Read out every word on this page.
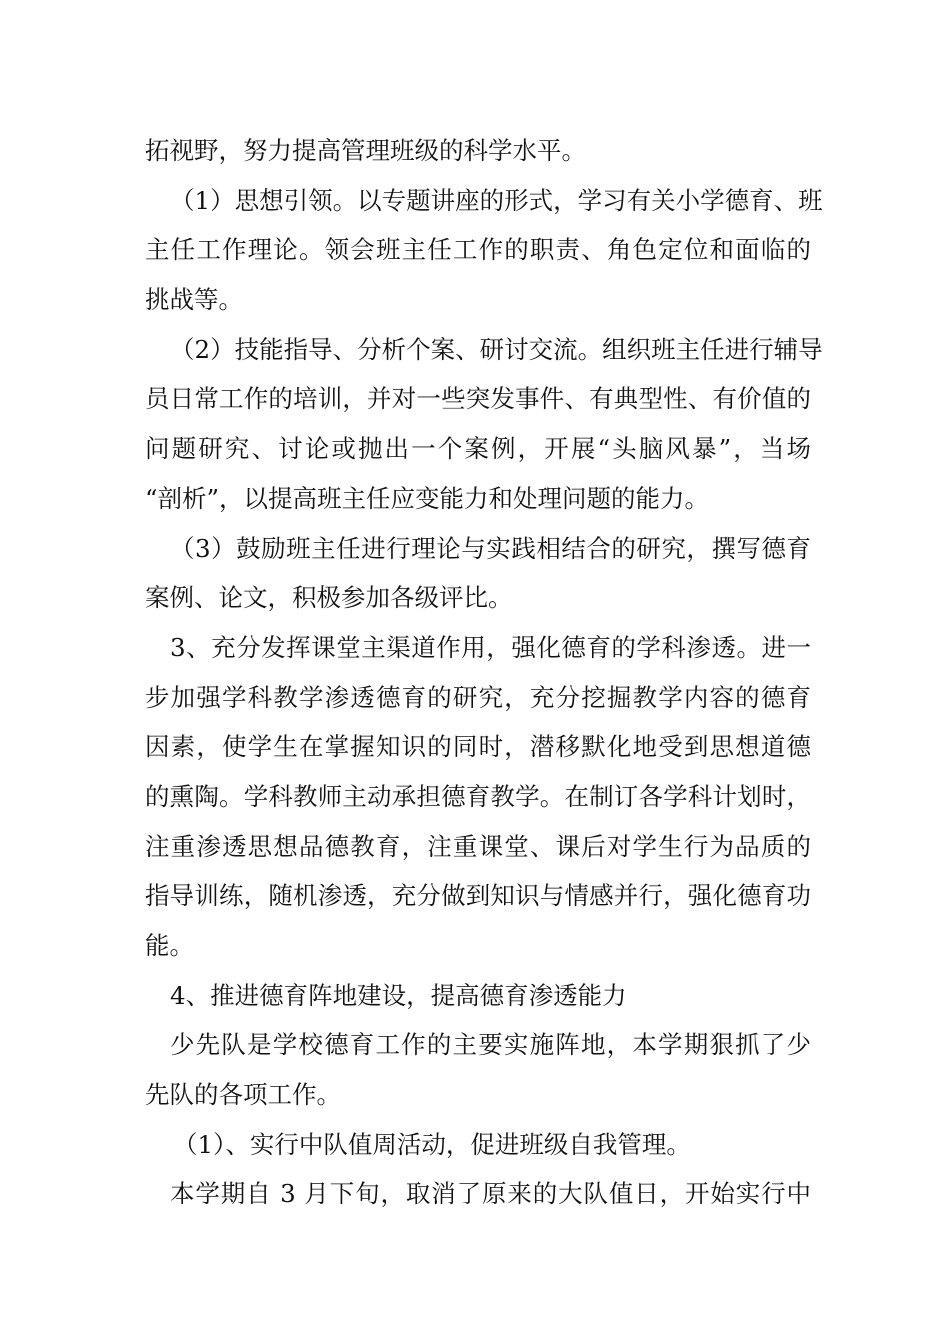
拓视野，努力提高管理班级的科学水平。
（1）思想引领。以专题讲座的形式，学习有关小学德育、班
主任工作理论。领会班主任工作的职责、角色定位和面临的
挑战等。
（2）技能指导、分析个案、研讨交流。组织班主任进行辅导
员日常工作的培训，并对一些突发事件、有典型性、有价值的
问题研究、讨论或抛出一个案例，开展“头脑风暴”，当场
“剖析”，以提高班主任应变能力和处理问题的能力。
（3）鼓励班主任进行理论与实践相结合的研究，撰写德育
案例、论文，积极参加各级评比。
3、充分发挥课堂主渠道作用，强化德育的学科渗透。进一
步加强学科教学渗透德育的研究，充分挖掘教学内容的德育
因素，使学生在掌握知识的同时，潜移默化地受到思想道德
的熏陶。学科教师主动承担德育教学。在制订各学科计划时，
注重渗透思想品德教育，注重课堂、课后对学生行为品质的
指导训练，随机渗透，充分做到知识与情感并行，强化德育功
能。
4、推进德育阵地建设，提高德育渗透能力
少先队是学校德育工作的主要实施阵地，本学期狠抓了少
先队的各项工作。
（1）、实行中队值周活动，促进班级自我管理。
本学期自 3 月下旬，取消了原来的大队值日，开始实行中
